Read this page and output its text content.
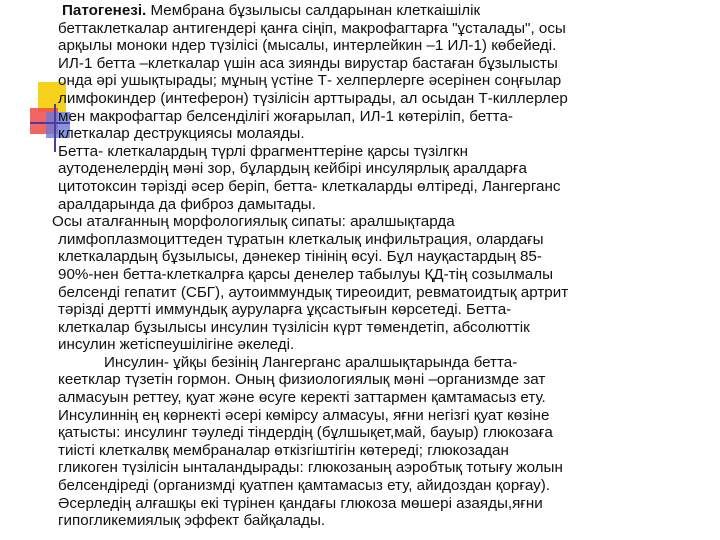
Патогенезі. Мембрана бұзылысы салдарынан клеткаішілік
беттаклеткалар антигендері қанға сіңіп, макрофагтарға "ұсталады", осы
арқылы моноки ндер түзілісі (мысалы, интерлейкин –1 ИЛ-1) көбейеді.
ИЛ-1 бетта –клеткалар үшін аса зиянды вирустар бастаған бұзылысты
онда әрі ушықтырады; мұның үстіне Т- хелперлерге әсерінен соңғылар
лимфокиндер (интеферон) түзілісін арттырады, ал осыдан Т-киллерлер
мен макрофагтар белсенділігі жоғарылап, ИЛ-1 көтеріліп, бетта-
клеткалар деструкциясы молаяды.
Бетта- клеткалардың түрлі фрагменттеріне қарсы түзілгкн
аутоденелердің мәні зор, бұлардың кейбірі инсулярлық аралдарға
цитотоксин тәрізді әсер беріп, бетта- клеткаларды өлтіреді, Лангерганс
аралдарында да фиброз дамытады.
Осы аталғанның морфологиялық сипаты: аралшықтарда
лимфоплазмоциттеден тұратын клеткалық инфильтрация, олардағы
клеткалардың бұзылысы, дәнекер тінінің өсуі. Бұл науқастардың 85-
90%-нен бетта-клеткалрға қарсы денелер табылуы ҚД-тің созылмалы
белсенді гепатит (СБГ), аутоиммундық тиреоидит, ревматоидтық артрит
тәрізді дертті иммундық ауруларға ұқсастығын көрсетеді. Бетта-
клеткалар бұзылысы инсулин түзілісін күрт төмендетіп, абсолюттік
инсулин жетіспеушілігіне әкеледі.
Инсулин- ұйқы безінің Лангерганс аралшықтарында бетта-
кеетклар түзетін гормон. Оның физиологиялық мәні –организмде зат
алмасуын реттеу, қуат және өсуге керекті заттармен қамтамасыз ету.
Инсулиннің ең көрнекті әсері көмірсу алмасуы, яғни негізгі қуат көзіне
қатысты: инсулинг тәуледі тіндердің (бұлшықет,май, бауыр) глюкозаға
тиісті клеткалвқ мембраналар өткізгіштігін көтереді; глюкозадан
гликоген түзілісін ынталандырады: глюкозаның аэробтық тотығу жолын
белсендіреді (организмді қуатпен қамтамасыз ету, айидоздан қорғау).
Әсерледің алғашқы екі түрінен қандағы глюкоза мөшері азаяды,яғни
гипогликемиялық эффект байқалады.
